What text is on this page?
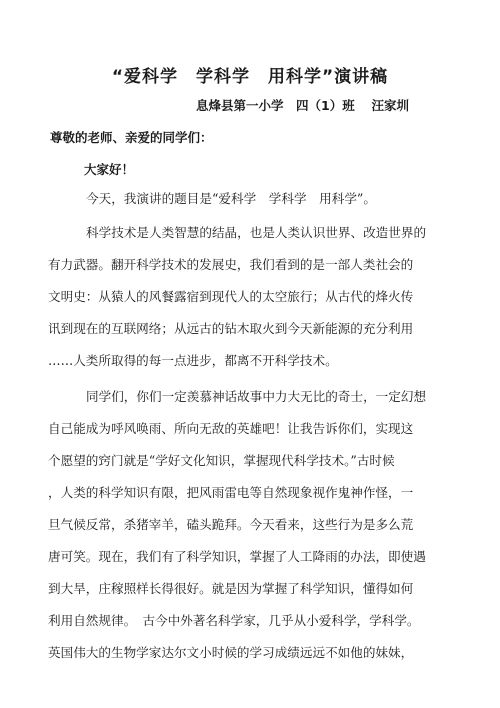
“爱科学　学科学　用科学”演讲稿
息烽县第一小学　四（1）班　 汪家圳
尊敬的老师、亲爱的同学们：
大家好！
今天，我演讲的题目是“爱科学　学科学　用科学”。
科学技术是人类智慧的结晶，也是人类认识世界、改造世界的
有力武器。翻开科学技术的发展史，我们看到的是一部人类社会的
文明史：从猿人的风餐露宿到现代人的太空旅行；从古代的烽火传
讯到现在的互联网络；从远古的钻木取火到今天新能源的充分利用
……人类所取得的每一点进步，都离不开科学技术。
同学们，你们一定羡慕神话故事中力大无比的奇士，一定幻想
自己能成为呼风唤雨、所向无敌的英雄吧！让我告诉你们，实现这
个愿望的窍门就是“学好文化知识，掌握现代科学技术。”古时候
，人类的科学知识有限，把风雨雷电等自然现象视作鬼神作怪，一
旦气候反常，杀猪宰羊，磕头跪拜。今天看来，这些行为是多么荒
唐可笑。现在，我们有了科学知识，掌握了人工降雨的办法，即使遇
到大旱，庄稼照样长得很好。就是因为掌握了科学知识，懂得如何
利用自然规律。　古今中外著名科学家，几乎从小爱科学，学科学。
英国伟大的生物学家达尔文小时候的学习成绩远远不如他的妹妹，
